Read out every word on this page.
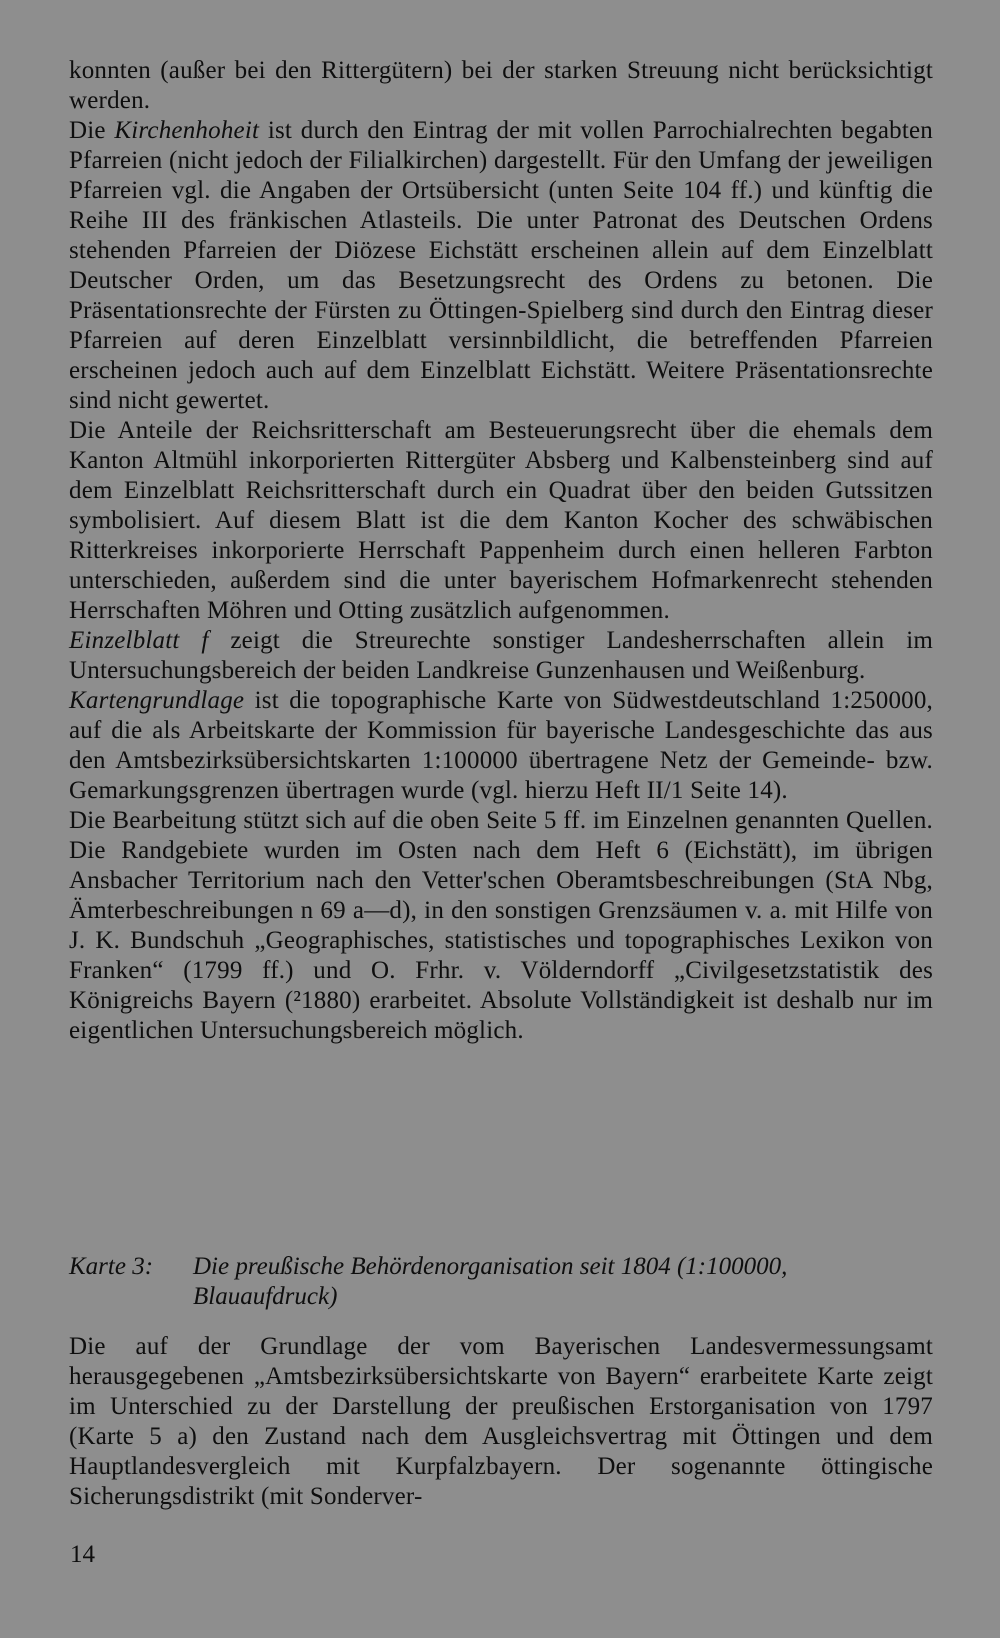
konnten (außer bei den Rittergütern) bei der starken Streuung nicht berücksichtigt werden.

Die Kirchenhoheit ist durch den Eintrag der mit vollen Parrochialrechten begabten Pfarreien (nicht jedoch der Filialkirchen) dargestellt. Für den Umfang der jeweiligen Pfarreien vgl. die Angaben der Ortsübersicht (unten Seite 104 ff.) und künftig die Reihe III des fränkischen Atlasteils. Die unter Patronat des Deutschen Ordens stehenden Pfarreien der Diözese Eichstätt erscheinen allein auf dem Einzelblatt Deutscher Orden, um das Besetzungsrecht des Ordens zu betonen. Die Präsentationsrechte der Fürsten zu Öttingen-Spielberg sind durch den Eintrag dieser Pfarreien auf deren Einzelblatt versinnbildlicht, die betreffenden Pfarreien erscheinen jedoch auch auf dem Einzelblatt Eichstätt. Weitere Präsentationsrechte sind nicht gewertet.

Die Anteile der Reichsritterschaft am Besteuerungsrecht über die ehemals dem Kanton Altmühl inkorporierten Rittergüter Absberg und Kalbensteinberg sind auf dem Einzelblatt Reichsritterschaft durch ein Quadrat über den beiden Gutssitzen symbolisiert. Auf diesem Blatt ist die dem Kanton Kocher des schwäbischen Ritterkreises inkorporierte Herrschaft Pappenheim durch einen helleren Farbton unterschieden, außerdem sind die unter bayerischem Hofmarkenrecht stehenden Herrschaften Möhren und Otting zusätzlich aufgenommen.

Einzelblatt f zeigt die Streurechte sonstiger Landesherrschaften allein im Untersuchungsbereich der beiden Landkreise Gunzenhausen und Weißenburg.

Kartengrundlage ist die topographische Karte von Südwestdeutschland 1:250000, auf die als Arbeitskarte der Kommission für bayerische Landesgeschichte das aus den Amtsbezirksübersichtskarten 1:100000 übertragene Netz der Gemeinde- bzw. Gemarkungsgrenzen übertragen wurde (vgl. hierzu Heft II/1 Seite 14).

Die Bearbeitung stützt sich auf die oben Seite 5 ff. im Einzelnen genannten Quellen. Die Randgebiete wurden im Osten nach dem Heft 6 (Eichstätt), im übrigen Ansbacher Territorium nach den Vetter'schen Oberamtsbeschreibungen (StA Nbg, Ämterbeschreibungen n 69 a—d), in den sonstigen Grenzsäumen v. a. mit Hilfe von J. K. Bundschuh „Geographisches, statistisches und topographisches Lexikon von Franken“ (1799 ff.) und O. Frhr. v. Völderndorff „Civilgesetzstatistik des Königreichs Bayern (²1880) erarbeitet. Absolute Vollständigkeit ist deshalb nur im eigentlichen Untersuchungsbereich möglich.

Karte 3: Die preußische Behördenorganisation seit 1804 (1:100000,
Blauaufdruck)

Die auf der Grundlage der vom Bayerischen Landesvermessungsamt herausgegebenen „Amtsbezirksübersichtskarte von Bayern“ erarbeitete Karte zeigt im Unterschied zu der Darstellung der preußischen Erstorganisation von 1797 (Karte 5 a) den Zustand nach dem Ausgleichsvertrag mit Öttingen und dem Hauptlandesvergleich mit Kurpfalzbayern. Der sogenannte öttingische Sicherungsdistrikt (mit Sonderver-

14
